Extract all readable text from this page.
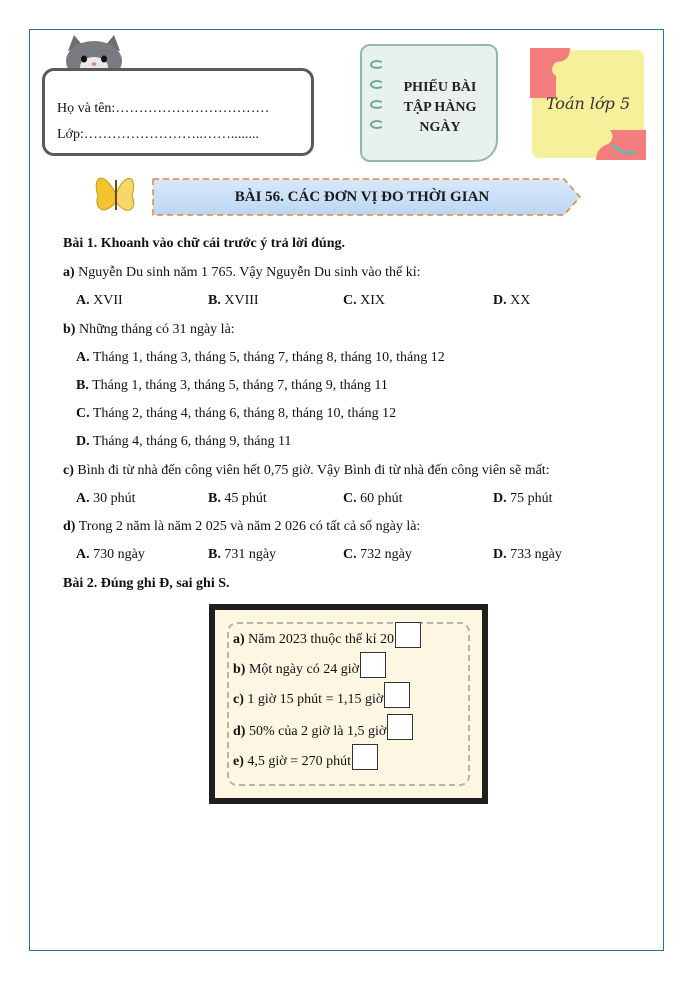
Họ và tên:……………………………
Lớp:……………………..……........
PHIẾU BÀI
TẬP HÀNG
NGÀY
Toán lớp 5
BÀI 56. CÁC ĐƠN VỊ ĐO THỜI GIAN
Bài 1. Khoanh vào chữ cái trước ý trả lời đúng.
a) Nguyễn Du sinh năm 1 765. Vậy Nguyễn Du sinh vào thế kỉ:
A. XVII	B. XVIII	C. XIX	D. XX
b) Những tháng có 31 ngày là:
A. Tháng 1, tháng 3, tháng 5, tháng 7, tháng 8, tháng 10, tháng 12
B. Tháng 1, tháng 3, tháng 5, tháng 7, tháng 9, tháng 11
C. Tháng 2, tháng 4, tháng 6, tháng 8, tháng 10, tháng 12
D. Tháng 4, tháng 6, tháng 9, tháng 11
c) Bình đi từ nhà đến công viên hết 0,75 giờ. Vậy Bình đi từ nhà đến công viên sẽ mất:
A. 30 phút	B. 45 phút	C. 60 phút	D. 75 phút
d) Trong 2 năm là năm 2 025 và năm 2 026 có tất cả số ngày là:
A. 730 ngày	B. 731 ngày	C. 732 ngày	D. 733 ngày
Bài 2. Đúng ghi Đ, sai ghi S.
a)
Năm 2023 thuộc thế kỉ 20
b)
Một ngày có 24 giờ
c)
1 giờ 15 phút = 1,15 giờ
d)
50% của 2 giờ là 1,5 giờ
e)
4,5 giờ = 270 phút
